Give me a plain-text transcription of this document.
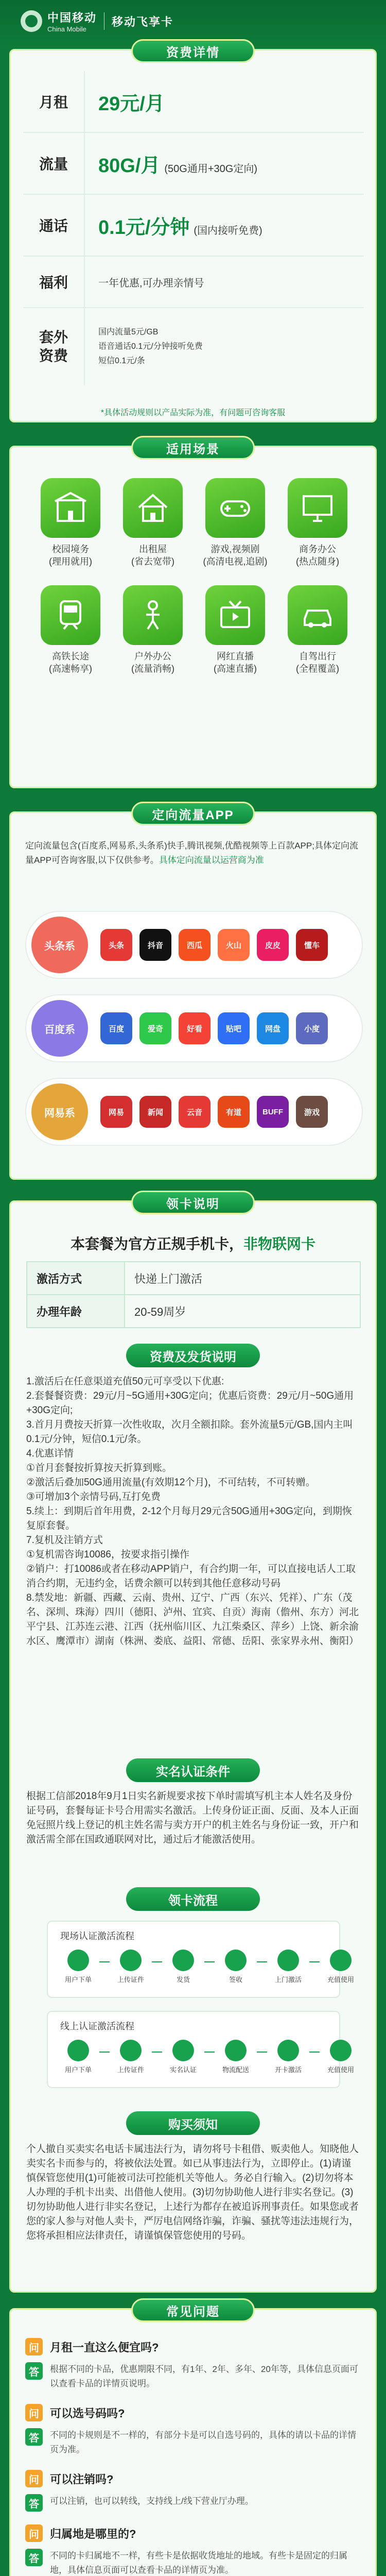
中国移动
China Mobile
移动飞享卡
资费详情
月租	29元/月
流量	80G/月 (50G通用+30G定向)
通话	0.1元/分钟 (国内接听免费)
福利	一年优惠,可办理亲情号
套外资费
国内流量5元/GB
语音通话0.1元/分钟接听免费
短信0.1元/条
*具体活动规则以产品实际为准，有问题可咨询客服
适用场景
校园境务
(理用就用)
出租屋
(省去宽带)
游戏,视频剧
(高清电视,追剧)
商务办公
(热点随身)
高铁长途
(高速畅享)
户外办公
(流量消畅)
网红直播
(高速直播)
自驾出行
(全程覆盖)
定向流量APP
定向流量包含(百度系,网易系,头条系)快手,腾讯视频,优酷视频等上百款APP;具体定向流量APP可咨询客服,以下仅供参考。具体定向流量以运营商为准
头条系	头条	抖音	西瓜	火山	皮皮	懂车
百度系	百度	爱奇	好看	贴吧	网盘	小度
网易系	网易	新闻	云音	有道	BUFF	游戏
领卡说明
本套餐为官方正规手机卡，非物联网卡
激活方式	快递上门激活
办理年龄	20-59周岁
资费及发货说明
1.激活后在任意渠道充值50元可享受以下优惠:
2.套餐餐资费：29元/月~5G通用+30G定向；优惠后资费：29元/月~50G通用+30G定向;
3.首月月费按天折算一次性收取，次月全额扣除。套外流量5元/GB,国内主叫0.1元/分钟，短信0.1元/条。
4.优惠详情
①首月套餐按折算按天折算到账。
②激活后叠加50G通用流量(有效期12个月)，不可结转，不可转赠。
③可增加3个亲情号码,互打免费
5.续上：到期后首年用费，2-12个月每月29元含50G通用+30G定向，到期恢复原套餐。
7.复机及注销方式
①复机需咨询10086，按要求指引操作
②销户：打10086或者在移动APP销户，有合约期一年，可以直接电话人工取消合约期，无违约金，话费余额可以转到其他任意移动号码
8.禁发地：新疆、西藏、云南、贵州、辽宁、广西（东兴、凭祥）、广东（茂名、深圳、珠海）四川（德阳、泸州、宜宾、自贡）海南（儋州、东方）河北平宁县、江苏连云港、江西（抚州临川区、九江柴桑区、萍乡）上饶、新余渝水区、鹰潭市）湖南（株洲、娄底、益阳、常德、岳阳、张家界永州、衡阳）
实名认证条件
根据工信部2018年9月1日实名新规要求按下单时需填写机主本人姓名及身份证号码，套餐每证卡号合用需实名激活。上传身份证正面、反面、及本人正面免冠照片线上登记的机主姓名需与卖方开户的机主姓名与身份证一致，开户和激活需全部在国政通联网对比，通过后才能激活使用。
领卡流程
现场认证激活流程
用户下单	上传证件	发货	签收	上门激活	充值使用
线上认证激活流程
用户下单	上传证件	实名认证	物流配送	开卡激活	充值使用
购买须知
个人撤自买卖实名电话卡属违法行为，请勿将号卡租借、贩卖他人。知晓他人卖实名卡而参与的，将被依法处置。如已从事违法行为，立即停止。(1)请谨慎保管您使用(1)可能被司法可控能机关等他人。务必自行输入。(2)切勿将本人办理的手机卡出卖、出借他人使用。(3)切勿协助他人进行非实名登记。(3)切勿协助他人进行非实名登记，上述行为都存在被追诉刑事责任。如果您或者您的家人参与对他人卖卡，严厉电信网络诈骗，诈骗、骚扰等违法违规行为，您将承担相应法律责任，请谨慎保管您使用的号码。
常见问题
问 月租一直这么便宜吗?
答	根据不同的卡品，优惠期限不同，有1年、2年、多年、20年等，具体信息页面可以查看卡品的详情页说明。
问 可以选号码吗?
答	不同的卡规则是不一样的，有部分卡是可以自选号码的，具体的请以卡品的详情页为准。
问 可以注销吗?
答	可以注销，也可以转线，支持线上/线下营业厅办理。
问 归属地是哪里的?
答	不同的卡归属地不一样，有些卡是依据收货地址的地域。有些卡是固定的归属地，具体信息页面可以查看卡品的详情页为准。
